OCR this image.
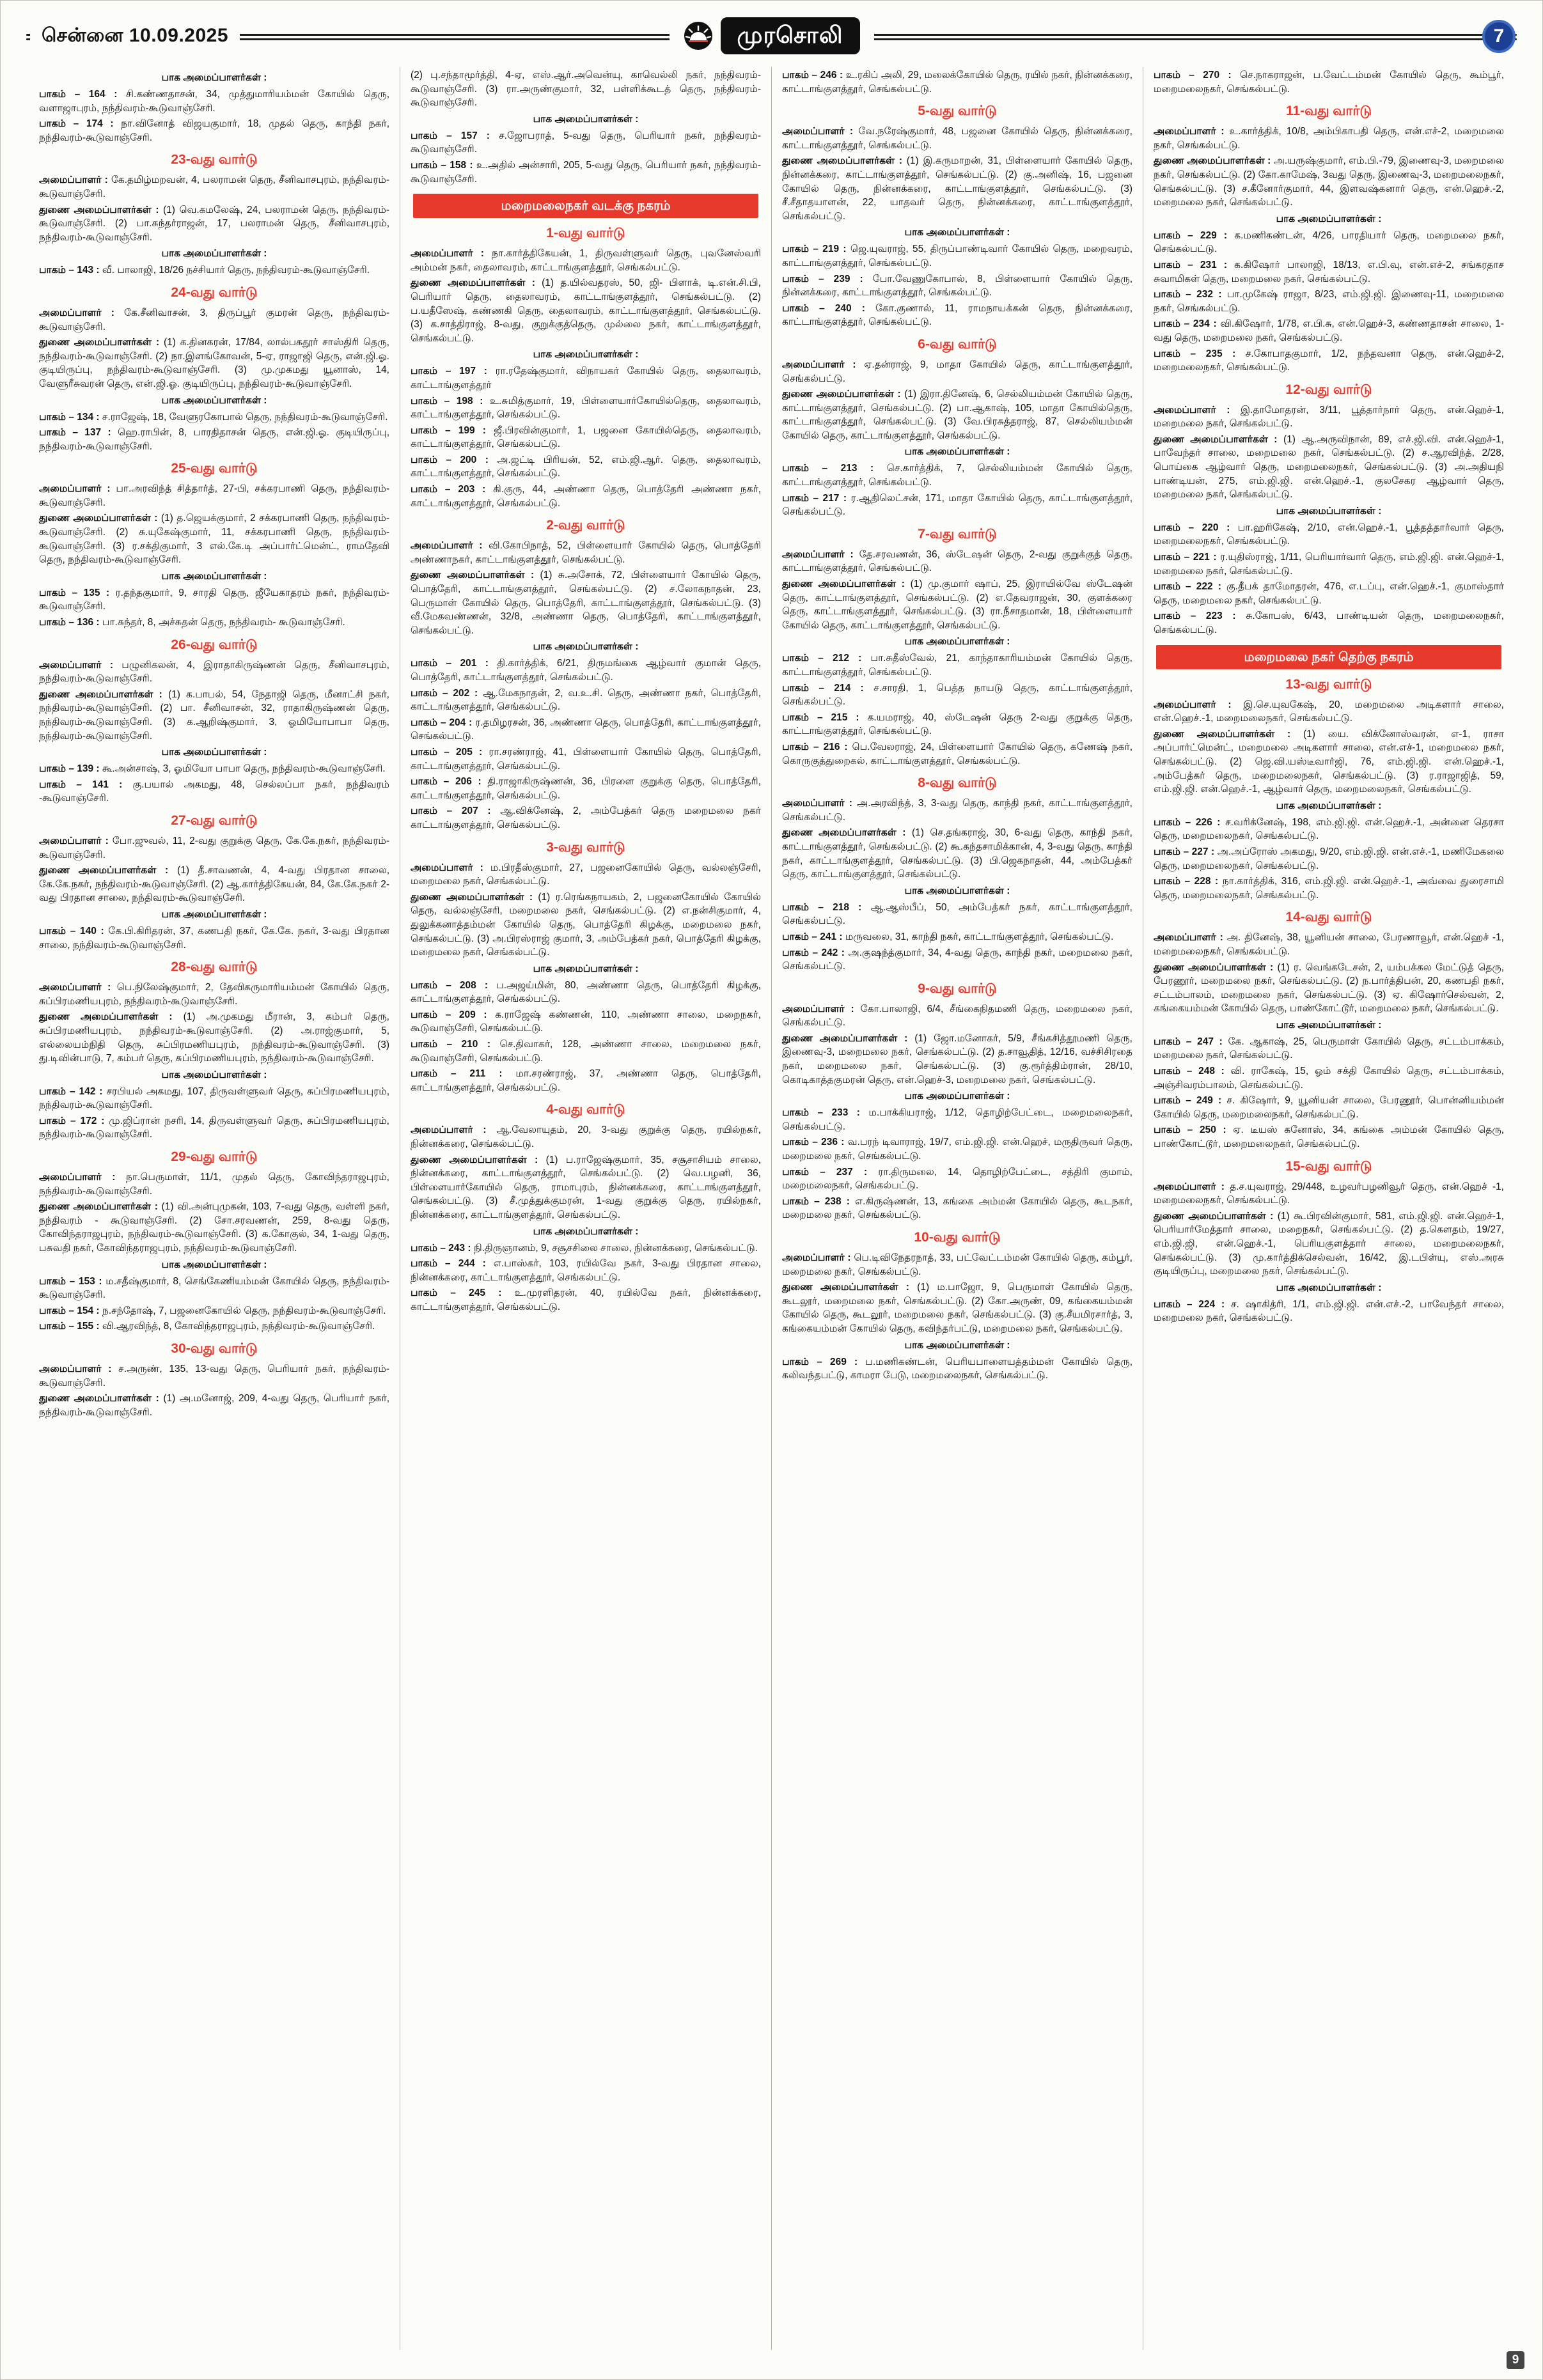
சென்னை 10.09.2025	முரசொலி	7
பாக அமைப்பாளர்கள் :

பாகம் – 164 : சி.கண்ணதாசன், 34, முத்துமாரியம்மன் கோயில் தெரு, வளாஜாபுரம், நந்திவரம்-கூடுவாஞ்சேரி.

பாகம் – 174 : நா.வினோத் விஜயகுமார், 18, முதல் தெரு, காந்தி நகர், நந்திவரம்-கூடுவாஞ்சேரி.

23-வது வார்டு

அமைப்பாளர் : கே.தமிழ்மறவன், 4, பலராமன் தெரு, சீனிவாசபுரம், நந்திவரம்-கூடுவாஞ்சேரி.

துணை அமைப்பாளர்கள் : (1) வெ.கமலேஷ், 24, பலராமன் தெரு, நந்திவரம்-கூடுவாஞ்சேரி. (2) பா.சுந்தர்ராஜன், 17, பலராமன் தெரு, சீனிவாசபுரம், நந்திவரம்-கூடுவாஞ்சேரி.

பாக அமைப்பாளர்கள் :

பாகம் – 143 : வீ. பாலாஜி, 18/26 நச்சியார் தெரு, நந்திவரம்-கூடுவாஞ்சேரி.

24-வது வார்டு

அமைப்பாளர் : கே.சீனிவாசன், 3, திருப்பூர் குமரன் தெரு, நந்திவரம்-கூடுவாஞ்சேரி.

துணை அமைப்பாளர்கள் : (1) க.தினகரன், 17/84, லால்பகதூர் சாஸ்திரி தெரு, நந்திவரம்-கூடுவாஞ்சேரி. (2) நா.இளங்கோவன், 5-ஏ, ராஜாஜி தெரு, என்.ஜி.ஓ. குடியிருப்பு, நந்திவரம்-கூடுவாஞ்சேரி. (3) மு.முகமது யூனாஸ், 14, வேளுரீசுவரன் தெரு, என்.ஜி.ஓ. குடியிருப்பு, நந்திவரம்-கூடுவாஞ்சேரி.

பாக அமைப்பாளர்கள் :

பாகம் – 134 : ச.ராஜேஷ், 18, வேளுரகோபால் தெரு, நந்திவரம்-கூடுவாஞ்சேரி.

பாகம் – 137 : ஹெ.ராபின், 8, பாரதிதாசன் தெரு, என்.ஜி.ஓ. குடியிருப்பு, நந்திவரம்-கூடுவாஞ்சேரி.

25-வது வார்டு

அமைப்பாளர் : பா.அரவிந்த் சித்தார்த், 27-பி, சக்கரபாணி தெரு, நந்திவரம்-கூடுவாஞ்சேரி.

துணை அமைப்பாளர்கள் : (1) த.ஜெயக்குமார், 2 சக்கரபாணி தெரு, நந்திவரம்-கூடுவாஞ்சேரி. (2) சு.யுகேஷ்குமார், 11, சக்கரபாணி தெரு, நந்திவரம்-கூடுவாஞ்சேரி. (3) ர.சக்திகுமார், 3 எல்.கே.டி அப்பார்ட்மென்ட், ராமதேவி தெரு, நந்திவரம்-கூடுவாஞ்சேரி.

பாக அமைப்பாளர்கள் :

பாகம் – 135 : ர.தந்தகுமார், 9, சாரதி தெரு, ஜீயேகாதரம் நகர், நந்திவரம்-கூடுவாஞ்சேரி.

பாகம் – 136 : பா.சுந்தர், 8, அச்சுதன் தெரு, நந்திவரம்- கூடுவாஞ்சேரி.

26-வது வார்டு

அமைப்பாளர் : பழுனிகலன், 4, இராதாகிருஷ்ணன் தெரு, சீனிவாசபுரம், நந்திவரம்-கூடுவாஞ்சேரி.

துணை அமைப்பாளர்கள் : (1) க.பாபல், 54, நேதாஜி தெரு, மீனாட்சி நகர், நந்திவரம்-கூடுவாஞ்சேரி. (2) பா. சீனிவாசன், 32, ராதாகிருஷ்ணன் தெரு, நந்திவரம்-கூடுவாஞ்சேரி. (3) க.ஆறிஷ்குமார், 3, ஓமியோபாபா தெரு, நந்திவரம்-கூடுவாஞ்சேரி.

பாக அமைப்பாளர்கள் :

பாகம் – 139 : கூ.அன்சாஷ், 3, ஓமியோ பாபா தெரு, நந்திவரம்-கூடுவாஞ்சேரி.

பாகம் – 141 : கு.பயால் அகமது, 48, செல்லப்பா நகர், நந்திவரம் -கூடுவாஞ்சேரி.

27-வது வார்டு

அமைப்பாளர் : போ.ஜுவல், 11, 2-வது குறுக்கு தெரு, கே.கே.நகர், நந்திவரம்-கூடுவாஞ்சேரி.

துணை அமைப்பாளர்கள் : (1) தீ.சாவணன், 4, 4-வது பிரதான சாலை, கே.கே.நகர், நந்திவரம்-கூடுவாஞ்சேரி. (2) ஆ.கார்த்திகேயன், 84, கே.கே.நகர் 2-வது பிரதான சாலை, நந்திவரம்-கூடுவாஞ்சேரி.

பாக அமைப்பாளர்கள் :

பாகம் – 140 : கே.பி.கிரிதரன், 37, கணபதி நகர், கே.கே. நகர், 3-வது பிரதான சாலை, நந்திவரம்-கூடுவாஞ்சேரி.

28-வது வார்டு

அமைப்பாளர் : பெ.நிலேஷ்குமார், 2, தேவிகருமாரியம்மன் கோயில் தெரு, சுப்பிரமணியபுரம், நந்திவரம்-கூடுவாஞ்சேரி.

துணை அமைப்பாளர்கள் : (1) அ.முகமது மீரான், 3, கம்பர் தெரு, சுப்பிரமணியபுரம், நந்திவரம்-கூடுவாஞ்சேரி. (2) அ.ராஜ்குமார், 5, எல்லையம்நிதி தெரு, சுப்பிரமணியபுரம், நந்திவரம்-கூடுவாஞ்சேரி. (3) து.டிவின்பாடு, 7, கம்பர் தெரு, சுப்பிரமணியபுரம், நந்திவரம்-கூடுவாஞ்சேரி.

பாக அமைப்பாளர்கள் :

பாகம் – 142 : சரபியல் அகமது, 107, திருவள்ளுவர் தெரு, சுப்பிரமணியபுரம், நந்திவரம்-கூடுவாஞ்சேரி.

பாகம் – 172 : மு.ஜிப்ரான் நசரி, 14, திருவள்ளுவர் தெரு, சுப்பிரமணியபுரம், நந்திவரம்-கூடுவாஞ்சேரி.

29-வது வார்டு

அமைப்பாளர் : நா.பெருமாள், 11/1, முதல் தெரு, கோவிந்தராஜபுரம், நந்திவரம்-கூடுவாஞ்சேரி.

துணை அமைப்பாளர்கள் : (1) வி.அன்புமுகன், 103, 7-வது தெரு, வள்ளி நகர், நந்திவரம் - கூடுவாஞ்சேரி. (2) சோ.சரவணன், 259, 8-வது தெரு, கோவிந்தராஜபுரம், நந்திவரம்-கூடுவாஞ்சேரி. (3) க.கோகுல், 34, 1-வது தெரு, பசுவதி நகர், கோவிந்தராஜபுரம், நந்திவரம்-கூடுவாஞ்சேரி.

பாக அமைப்பாளர்கள் :

பாகம் – 153 : ம.சதீஷ்குமார், 8, செங்கேணியம்மன் கோயில் தெரு, நந்திவரம்-கூடுவாஞ்சேரி.

பாகம் – 154 : ந.சந்தோஷ், 7, பஜனைகோயில் தெரு, நந்திவரம்-கூடுவாஞ்சேரி.

பாகம் – 155 : வி.ஆரவிந்த், 8, கோவிந்தராஜபுரம், நந்திவரம்-கூடுவாஞ்சேரி.

30-வது வார்டு

அமைப்பாளர் : ச.அருண், 135, 13-வது தெரு, பெரியார் நகர், நந்திவரம்-கூடுவாஞ்சேரி.

துணை அமைப்பாளர்கள் : (1) அ.மனோஜ், 209, 4-வது தெரு, பெரியார் நகர், நந்திவரம்-கூடுவாஞ்சேரி.

(2) பு.சந்தாமூர்த்தி, 4-ஏ, எஸ்.ஆர்.அவென்யு, காவெல்லி நகர், நந்திவரம்-கூடுவாஞ்சேரி. (3) ரா.அருண்குமார், 32, பள்ளிக்கூடத் தெரு, நந்திவரம்-கூடுவாஞ்சேரி.

பாக அமைப்பாளர்கள் :

பாகம் – 157 : ச.ஜோபராத், 5-வது தெரு, பெரியார் நகர், நந்திவரம்-கூடுவாஞ்சேரி.

பாகம் – 158 : உ.அதில் அன்சாரி, 205, 5-வது தெரு, பெரியார் நகர், நந்திவரம்-கூடுவாஞ்சேரி.

மறைமலைநகர் வடக்கு நகரம்
1-வது வார்டு

அமைப்பாளர் : நா.கார்த்திகேயன், 1, திருவள்ளுவர் தெரு, புவனேஸ்வரி அம்மன் நகர், தைலாவரம், காட்டாங்குளத்தூர், செங்கல்பட்டு.

துணை அமைப்பாளர்கள் : (1) த.யில்வதரஸ், 50, ஜி- பிளாக், டி.என்.சி.பி, பெரியார் தெரு, தைலாவரம், காட்டாங்குளத்தூர், செங்கல்பட்டு. (2) ப.யதீஸேஷ், கண்ணகி தெரு, தைலாவரம், காட்டாங்குளத்தூர், செங்கல்பட்டு. (3) க.சாத்திராஜ், 8-வது, குறுக்குத்தெரு, முல்லை நகர், காட்டாங்குளத்தூர், செங்கல்பட்டு.

பாக அமைப்பாளர்கள் :

பாகம் – 197 : ரா.ரதேஷ்குமார், விநாயகர் கோயில் தெரு, தைலாவரம், காட்டாங்குளத்தூர்

பாகம் – 198 : உ.சுமித்குமார், 19, பிள்ளையார்கோயில்தெரு, தைலாவரம், காட்டாங்குளத்தூர், செங்கல்பட்டு.

பாகம் – 199 : ஜீ.பிரவின்குமார், 1, பஜனை கோயில்தெரு, தைலாவரம், காட்டாங்குளத்தூர், செங்கல்பட்டு.

பாகம் – 200 : அ.ஜட்டி பிரியன், 52, எம்.ஜி.ஆர். தெரு, தைலாவரம், காட்டாங்குளத்தூர், செங்கல்பட்டு.

பாகம் – 203 : கி.குரு, 44, அண்ணா தெரு, பொத்தேரி அண்ணா நகர், காட்டாங்குளத்தூர், செங்கல்பட்டு.

2-வது வார்டு

அமைப்பாளர் : வி.கோபிநாத், 52, பிள்ளையார் கோயில் தெரு, பொத்தேரி அண்ணாநகர், காட்டாங்குளத்தூர், செங்கல்பட்டு.

துணை அமைப்பாளர்கள் : (1) சு.அசோக், 72, பிள்ளையார் கோயில் தெரு, பொத்தேரி, காட்டாங்குளத்தூர், செங்கல்பட்டு. (2) ச.லோகநாதன், 23, பெருமாள் கோயில் தெரு, பொத்தேரி, காட்டாங்குளத்தூர், செங்கல்பட்டு. (3) வீ.மேகவண்ணன், 32/8, அண்ணா தெரு, பொத்தேரி, காட்டாங்குளத்தூர், செங்கல்பட்டு.

பாக அமைப்பாளர்கள் :

பாகம் – 201 : தி.கார்த்திக், 6/21, திருமங்கை ஆழ்வார் குமான் தெரு, பொத்தேரி, காட்டாங்குளத்தூர், செங்கல்பட்டு.

பாகம் – 202 : ஆ.மேகநாதன், 2, வ.உ.சி. தெரு, அண்ணா நகர், பொத்தேரி, காட்டாங்குளத்தூர், செங்கல்பட்டு.

பாகம் – 204 : ர.தமிழரசன், 36, அண்ணா தெரு, பொத்தேரி, காட்டாங்குளத்தூர், செங்கல்பட்டு.

பாகம் – 205 : ரா.சரண்ராஜ், 41, பிள்ளையார் கோயில் தெரு, பொத்தேரி, காட்டாங்குளத்தூர், செங்கல்பட்டு.

பாகம் – 206 : தி.ராஜாகிருஷ்ணன், 36, பிரளை குறுக்கு தெரு, பொத்தேரி, காட்டாங்குளத்தூர், செங்கல்பட்டு.

பாகம் – 207 : ஆ.விக்னேஷ், 2, அம்பேத்கர் தெரு மறைமலை நகர் காட்டாங்குளத்தூர், செங்கல்பட்டு.

3-வது வார்டு

அமைப்பாளர் : ம.பிரதீஸ்குமார், 27, பஜனைகோயில் தெரு, வல்லஞ்சேரி, மறைமலை நகர், செங்கல்பட்டு.

துணை அமைப்பாளர்கள் : (1) ர.ரெங்கநாயகம், 2, பஜனைகோயில் கோயில் தெரு, வல்லஞ்சேரி, மறைமலை நகர், செங்கல்பட்டு. (2) எ.நன்சிகுமார், 4, துலுக்கனாத்தம்மன் கோயில் தெரு, பொத்தேரி கிழக்கு, மறைமலை நகர், செங்கல்பட்டு. (3) அ.பிரஸ்ராஜ் குமார், 3, அம்பேத்கர் நகர், பொத்தேரி கிழக்கு, மறைமலை நகர், செங்கல்பட்டு.

பாக அமைப்பாளர்கள் :

பாகம் – 208 : ப.அஜய்மின், 80, அண்ணா தெரு, பொத்தேரி கிழக்கு, காட்டாங்குளத்தூர், செங்கல்பட்டு.

பாகம் – 209 : க.ராஜேஷ் கண்ணன், 110, அண்ணா சாலை, மறைநகர், கூடுவாஞ்சேரி, செங்கல்பட்டு.

பாகம் – 210 : செ.திவாகர், 128, அண்ணா சாலை, மறைமலை நகர், கூடுவாஞ்சேரி, செங்கல்பட்டு.

பாகம் – 211 : மா.சரண்ராஜ், 37, அண்ணா தெரு, பொத்தேரி, காட்டாங்குளத்தூர், செங்கல்பட்டு.

4-வது வார்டு

அமைப்பாளர் : ஆ.வேலாயுதம், 20, 3-வது குறுக்கு தெரு, ரயில்நகர், நின்னக்கரை, செங்கல்பட்டு.

துணை அமைப்பாளர்கள் : (1) ப.ராஜேஷ்குமார், 35, சசூசாசியம் சாலை, நின்னக்கரை, காட்டாங்குளத்தூர், செங்கல்பட்டு. (2) வெ.பழனி, 36, பிள்ளையார்கோயில் தெரு, ராமாபுரம், நின்னக்கரை, காட்டாங்குளத்தூர், செங்கல்பட்டு. (3) சீ.முத்துக்குமரன், 1-வது குறுக்கு தெரு, ரயில்நகர், நின்னக்கரை, காட்டாங்குளத்தூர், செங்கல்பட்டு.

பாக அமைப்பாளர்கள் :

பாகம் – 243 : நி.திருஞானம், 9, சசூசசிலை சாலை, நின்னக்கரை, செங்கல்பட்டு.

பாகம் – 244 : எ.பாஸ்கர், 103, ரயில்வே நகர், 3-வது பிரதான சாலை, நின்னக்கரை, காட்டாங்குளத்தூர், செங்கல்பட்டு.

பாகம் – 245 : உ.முரளிதரன், 40, ரயில்வே நகர், நின்னக்கரை, காட்டாங்குளத்தூர், செங்கல்பட்டு.

பாகம் – 246 : உ.ரகிப் அலி, 29, மலைக்கோயில் தெரு, ரயில் நகர், நின்னக்கரை, காட்டாங்குளத்தூர், செங்கல்பட்டு.

5-வது வார்டு

அமைப்பாளர் : வே.நரேஷ்குமார், 48, பஜனை கோயில் தெரு, நின்னக்கரை, காட்டாங்குளத்தூர், செங்கல்பட்டு.

துணை அமைப்பாளர்கள் : (1) இ.கருமாறன், 31, பிள்ளையார் கோயில் தெரு, நின்னக்கரை, காட்டாங்குளத்தூர், செங்கல்பட்டு. (2) கு.அனிஷ், 16, பஜனை கோயில் தெரு, நின்னக்கரை, காட்டாங்குளத்தூர், செங்கல்பட்டு. (3) சீ.சீதாதயாளன், 22, யாதவர் தெரு, நின்னக்கரை, காட்டாங்குளத்தூர், செங்கல்பட்டு.

பாக அமைப்பாளர்கள் :

பாகம் – 219 : ஜெ.யுவராஜ், 55, திருப்பாண்டிவார் கோயில் தெரு, மறைவரம், காட்டாங்குளத்தூர், செங்கல்பட்டு.

பாகம் – 239 : போ.வேணுகோபால், 8, பிள்ளையார் கோயில் தெரு, நின்னக்கரை, காட்டாங்குளத்தூர், செங்கல்பட்டு.

பாகம் – 240 : கோ.குணால், 11, ராமநாயக்கன் தெரு, நின்னக்கரை, காட்டாங்குளத்தூர், செங்கல்பட்டு.

6-வது வார்டு

அமைப்பாளர் : ஏ.தன்ராஜ், 9, மாதா கோயில் தெரு, காட்டாங்குளத்தூர், செங்கல்பட்டு.

துணை அமைப்பாளர்கள் : (1) இரா.தினேஷ், 6, செல்லியம்மன் கோயில் தெரு, காட்டாங்குளத்தூர், செங்கல்பட்டு. (2) பா.ஆகாஷ், 105, மாதா கோயில்தெரு, காட்டாங்குளத்தூர், செங்கல்பட்டு. (3) வே.பிரசுத்தராஜ், 87, செல்லியம்மன் கோயில் தெரு, காட்டாங்குளத்தூர், செங்கல்பட்டு.

பாக அமைப்பாளர்கள் :

பாகம் – 213 : செ.கார்த்திக், 7, செல்லியம்மன் கோயில் தெரு, காட்டாங்குளத்தூர், செங்கல்பட்டு.

பாகம் – 217 : ர.ஆதிலெட்சன், 171, மாதா கோயில் தெரு, காட்டாங்குளத்தூர், செங்கல்பட்டு.

7-வது வார்டு

அமைப்பாளர் : தே.சரவணன், 36, ஸ்டேஷன் தெரு, 2-வது குறுக்குத் தெரு, காட்டாங்குளத்தூர், செங்கல்பட்டு.

துணை அமைப்பாளர்கள் : (1) மு.குமார் ஷாப், 25, இராயில்வே ஸ்டேஷன் தெரு, காட்டாங்குளத்தூர், செங்கல்பட்டு. (2) எ.தேவராஜன், 30, குளக்கரை தெரு, காட்டாங்குளத்தூர், செங்கல்பட்டு. (3) ரா.நீசாதமான், 18, பிள்ளையார் கோயில் தெரு, காட்டாங்குளத்தூர், செங்கல்பட்டு.

பாக அமைப்பாளர்கள் :

பாகம் – 212 : பா.சுதீஸ்வேல், 21, காந்தாகாரியம்மன் கோயில் தெரு, காட்டாங்குளத்தூர், செங்கல்பட்டு.

பாகம் – 214 : ச.சாரதி, 1, பெத்த நாயடு தெரு, காட்டாங்குளத்தூர், செங்கல்பட்டு.

பாகம் – 215 : க.யமராஜ், 40, ஸ்டேஷன் தெரு 2-வது குறுக்கு தெரு, காட்டாங்குளத்தூர், செங்கல்பட்டு.

பாகம் – 216 : பெ.வேலராஜ், 24, பிள்ளையார் கோயில் தெரு, கணேஷ் நகர், கொருகுத்துறைகல், காட்டாங்குளத்தூர், செங்கல்பட்டு.

8-வது வார்டு

அமைப்பாளர் : அ.அரவிந்த், 3, 3-வது தெரு, காந்தி நகர், காட்டாங்குளத்தூர், செங்கல்பட்டு.

துணை அமைப்பாளர்கள் : (1) செ.தங்கராஜ், 30, 6-வது தெரு, காந்தி நகர், காட்டாங்குளத்தூர், செங்கல்பட்டு. (2) கூ.கந்தசாமிக்கான், 4, 3-வது தெரு, காந்தி நகர், காட்டாங்குளத்தூர், செங்கல்பட்டு. (3) பி.ஜெகநாதன், 44, அம்பேத்கர் தெரு, காட்டாங்குளத்தூர், செங்கல்பட்டு.

பாக அமைப்பாளர்கள் :

பாகம் – 218 : ஆ.ஆஸ்பீப், 50, அம்பேத்கர் நகர், காட்டாங்குளத்தூர், செங்கல்பட்டு.

பாகம் – 241 : மருவலை, 31, காந்தி நகர், காட்டாங்குளத்தூர், செங்கல்பட்டு.

பாகம் – 242 : அ.குஷந்த்குமார், 34, 4-வது தெரு, காந்தி நகர், மறைமலை நகர், செங்கல்பட்டு.

9-வது வார்டு

அமைப்பாளர் : கோ.பாலாஜி, 6/4, சீங்கைநிதமணி தெரு, மறைமலை நகர், செங்கல்பட்டு.

துணை அமைப்பாளர்கள் : (1) ஜோ.மனோகர், 5/9, சீங்கசித்தூமணி தெரு, இணைவு-3, மறைமலை நகர், செங்கல்பட்டு. (2) த.சாவூதித், 12/16, வச்சிசிரதை நகர், மறைமலை நகர், செங்கல்பட்டு. (3) கு.ரூர்த்திம்ரான், 28/10, கொடிகாத்தகுமரன் தெரு, என்.ஹெச்-3, மறைமலை நகர், செங்கல்பட்டு.

பாக அமைப்பாளர்கள் :

பாகம் – 233 : ம.பாக்கியராஜ், 1/12, தொழிற்பேட்டை, மறைமலைநகர், செங்கல்பட்டு.

பாகம் – 236 : வ.பரந் டிவாராஜ், 19/7, எம்.ஜி.ஜி. என்.ஹெச், மருதிருவர் தெரு, மறைமலை நகர், செங்கல்பட்டு.

பாகம் – 237 : ரா.திருமலை, 14, தொழிற்பேட்டை, சத்திரி குமாம், மறைமலைநகர், செங்கல்பட்டு.

பாகம் – 238 : எ.கிருஷ்ணன், 13, கங்கை அம்மன் கோயில் தெரு, கூடநகர், மறைமலை நகர், செங்கல்பட்டு.

10-வது வார்டு

அமைப்பாளர் : பெ.டிவிநேதரநாத், 33, பட்வேட்டம்மன் கோயில் தெரு, கம்பூர், மறைமலை நகர், செங்கல்பட்டு.

துணை அமைப்பாளர்கள் : (1) ம.பாஜோ, 9, பெருமாள் கோயில் தெரு, கூடலூர், மறைமலை நகர், செங்கல்பட்டு. (2) கோ.அருண், 09, கங்கையம்மன் கோயில் தெரு, கூடலூர், மறைமலை நகர், செங்கல்பட்டு. (3) கு.சீயமிரசார்த், 3, கங்கையம்மன் கோயில் தெரு, கவிந்தர்பட்டு, மறைமலை நகர், செங்கல்பட்டு.

பாக அமைப்பாளர்கள் :

பாகம் – 269 : ப.மணிகண்டன், பெரியபாளையத்தம்மன் கோயில் தெரு, கலிவந்தபட்டு, காமரா பேடு, மறைமலைநகர், செங்கல்பட்டு.

பாகம் – 270 : செ.நாகராஜன், ப.வேட்டம்மன் கோயில் தெரு, கூம்பூர், மறைமலைநகர், செங்கல்பட்டு.

11-வது வார்டு

அமைப்பாளர் : உ.கார்த்திக், 10/8, அம்பிகாபதி தெரு, என்.எச்-2, மறைமலை நகர், செங்கல்பட்டு.

துணை அமைப்பாளர்கள் : அ.யருஷ்குமார், எம்.பி.-79, இணைவு-3, மறைமலை நகர், செங்கல்பட்டு. (2) கோ.காமேஷ், 3வது தெரு, இணைவு-3, மறைமலைநகர், செங்கல்பட்டு. (3) ச.கீனோர்குமார், 44, இளவஷ்கனார் தெரு, என்.ஹெச்.-2, மறைமலை நகர், செங்கல்பட்டு.

பாக அமைப்பாளர்கள் :

பாகம் – 229 : க.மணிகண்டன், 4/26, பாரதியார் தெரு, மறைமலை நகர், செங்கல்பட்டு.

பாகம் – 231 : க.கிஷோர் பாலாஜி, 18/13, எ.பி.வு, என்.எச்-2, சங்கரதாச சுவாமிகள் தெரு, மறைமலை நகர், செங்கல்பட்டு.

பாகம் – 232 : பா.முகேஷ் ராஜா, 8/23, எம்.ஜி.ஜி. இணைவு-11, மறைமலை நகர், செங்கல்பட்டு.

பாகம் – 234 : வி.கிஷோர், 1/78, எ.பி.சு, என்.ஹெச்-3, கண்ணதாசன் சாலை, 1-வது தெரு, மறைமலை நகர், செங்கல்பட்டு.

பாகம் – 235 : ச.கோபாதகுமார், 1/2, நந்தவனா தெரு, என்.ஹெச்-2, மறைமலைநகர், செங்கல்பட்டு.

12-வது வார்டு

அமைப்பாளர் : இ.தாமோதரன், 3/11, பூத்தார்நார் தெரு, என்.ஹெச்-1, மறைமலை நகர், செங்கல்பட்டு.

துணை அமைப்பாளர்கள் : (1) ஆ.அருவிநான், 89, எச்.ஜி.வி. என்.ஹெச்-1, பாவேந்தர் சாலை, மறைமலை நகர், செங்கல்பட்டு. (2) ச.ஆரவிந்த், 2/28, பொய்கை ஆழ்வார் தெரு, மறைமலைநகர், செங்கல்பட்டு. (3) அ.அதியநி பாண்டியன், 275, எம்.ஜி.ஜி. என்.ஹெச்.-1, குலசேகர ஆழ்வார் தெரு, மறைமலை நகர், செங்கல்பட்டு.

பாக அமைப்பாளர்கள் :

பாகம் – 220 : பா.ஹரிகேஷ், 2/10, என்.ஹெச்.-1, பூத்தத்தார்வார் தெரு, மறைமலைநகர், செங்கல்பட்டு.

பாகம் – 221 : ர.யுதிஸ்ராஜ், 1/11, பெரியார்வார் தெரு, எம்.ஜி.ஜி. என்.ஹெச்-1, மறைமலை நகர், செங்கல்பட்டு.

பாகம் – 222 : கு.தீபக் தாமோதரன், 476, எ.டப்பு, என்.ஹெச்.-1, குமாஸ்தார் தெரு, மறைமலை நகர், செங்கல்பட்டு.

பாகம் – 223 : சு.கோபஸ், 6/43, பாண்டியன் தெரு, மறைமலைநகர், செங்கல்பட்டு.

மறைமலை நகர் தெற்கு நகரம்
13-வது வார்டு

அமைப்பாளர் : இ.செ.யுவகேஷ், 20, மறைமலை அடிகளார் சாலை, என்.ஹெச்.-1, மறைமலைநகர், செங்கல்பட்டு.

துணை அமைப்பாளர்கள் : (1) யை. விக்னோஸ்வரன், எ-1, ராசா அப்பார்ட்மென்ட், மறைமலை அடிகளார் சாலை, என்.எச்-1, மறைமலை நகர், செங்கல்பட்டு. (2) ஜெ.வி.யஸ்டீவார்ஜி, 76, எம்.ஜி.ஜி. என்.ஹெச்.-1, அம்பேத்கர் தெரு, மறைமலைநகர், செங்கல்பட்டு. (3) ர.ராஜாஜித், 59, எம்.ஜி.ஜி. என்.ஹெச்.-1, ஆழ்வார் தெரு, மறைமலைநகர், செங்கல்பட்டு.

பாக அமைப்பாளர்கள் :

பாகம் – 226 : ச.வரிக்னேஷ், 198, எம்.ஜி.ஜி. என்.ஹெச்.-1, அன்னை தெரசா தெரு, மறைமலைநகர், செங்கல்பட்டு.

பாகம் – 227 : அ.அப்ரோஸ் அகமது, 9/20, எம்.ஜி.ஜி. என்.எச்.-1, மணிமேகலை தெரு, மறைமலைநகர், செங்கல்பட்டு.

பாகம் – 228 : நா.கார்த்திக், 316, எம்.ஜி.ஜி. என்.ஹெச்.-1, அவ்வை துரைசாமி தெரு, மறைமலைநகர், செங்கல்பட்டு.

14-வது வார்டு

அமைப்பாளர் : அ. தினேஷ், 38, யூனியன் சாலை, பேரணாவூர், என்.ஹெச் -1, மறைமலைநகர், செங்கல்பட்டு.

துணை அமைப்பாளர்கள் : (1) ர. வெங்கடேசன், 2, யம்பக்கல மேட்டுத் தெரு, பேரணூர், மறைமலை நகர், செங்கல்பட்டு. (2) ந.பார்த்திபன், 20, கணபதி நகர், சட்டம்பாலம், மறைமலை நகர், செங்கல்பட்டு. (3) ஏ. கிஷோர்செல்வன், 2, கங்கையம்மன் கோயில் தெரு, பாண்கோட்டூர், மறைமலை நகர், செங்கல்பட்டு.

பாக அமைப்பாளர்கள் :

பாகம் – 247 : கே. ஆகாஷ், 25, பெருமாள் கோயில் தெரு, சட்டம்பாக்கம், மறைமலை நகர், செங்கல்பட்டு.

பாகம் – 248 : வி. ராகேஷ், 15, ஓம் சக்தி கோயில் தெரு, சட்டம்பாக்கம், அஞ்சிவரம்பாலம், செங்கல்பட்டு.

பாகம் – 249 : ச. கிஷோர், 9, யூனியன் சாலை, பேரணூர், பொன்னியம்மன் கோயில் தெரு, மறைமலைநகர், செங்கல்பட்டு.

பாகம் – 250 : ஏ. டீயஸ் கனோஸ், 34, கங்கை அம்மன் கோயில் தெரு, பாண்கோட்டூர், மறைமலைநகர், செங்கல்பட்டு.

15-வது வார்டு

அமைப்பாளர் : த.ச.யுவராஜ், 29/448, உழவர்பழனிவூர் தெரு, என்.ஹெச் -1, மறைமலைநகர், செங்கல்பட்டு.

துணை அமைப்பாளர்கள் : (1) கூ.பிரவின்குமார், 581, எம்.ஜி.ஜி. என்.ஹெச்-1, பெரியார்மேத்தார் சாலை, மறைநகர், செங்கல்பட்டு. (2) த.கௌதம், 19/27, எம்.ஜி.ஜி, என்.ஹெச்.-1, பெரியகுளத்தார் சாலை, மறைமலைநகர், செங்கல்பட்டு. (3) மு.கார்த்திக்செல்வன், 16/42, இ.டபிள்யு, எஸ்.அரசு குடியிருப்பு, மறைமலை நகர், செங்கல்பட்டு.

பாக அமைப்பாளர்கள் :

பாகம் – 224 : ச. ஷாகித்ரி, 1/1, எம்.ஜி.ஜி. என்.எச்.-2, பாவேந்தர் சாலை, மறைமலை நகர், செங்கல்பட்டு.

9
